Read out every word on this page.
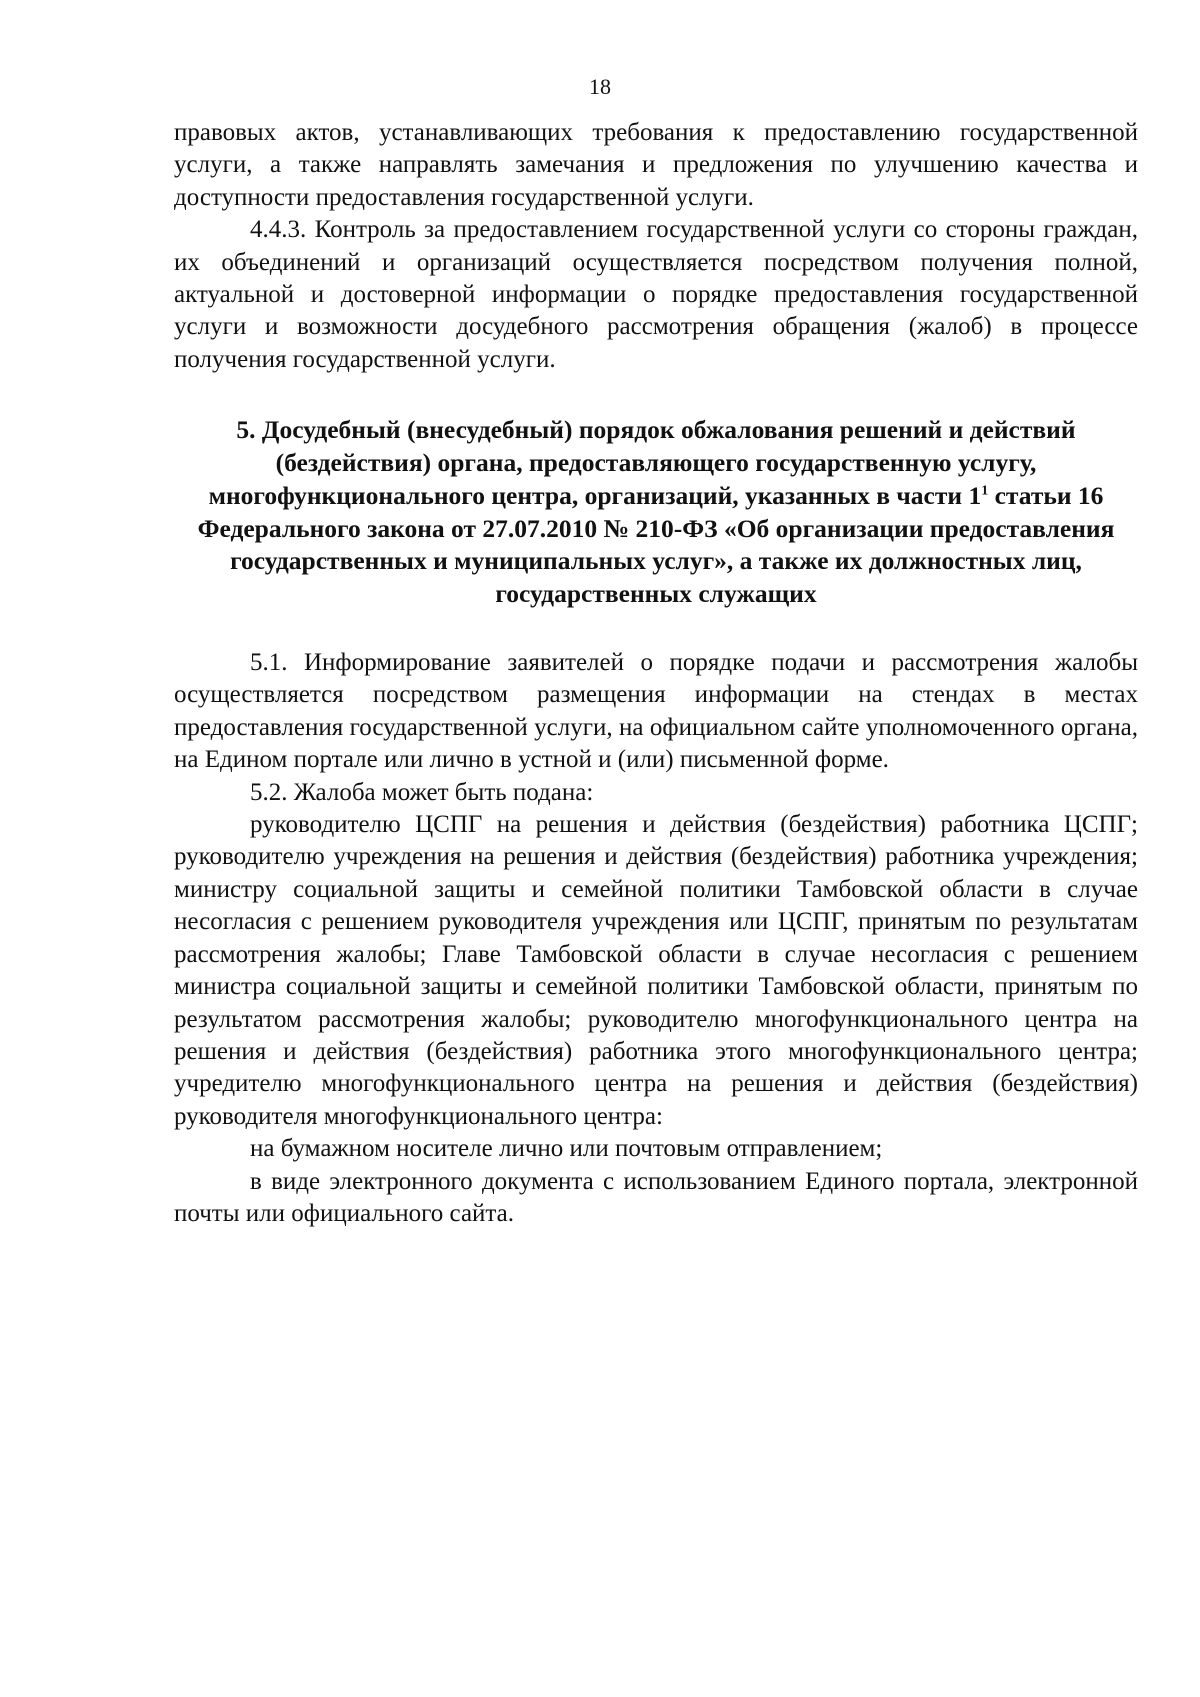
18

правовых актов, устанавливающих требования к предоставлению государственной услуги, а также направлять замечания и предложения по улучшению качества и доступности предоставления государственной услуги.

4.4.3. Контроль за предоставлением государственной услуги со стороны граждан, их объединений и организаций осуществляется посредством получения полной, актуальной и достоверной информации о порядке предоставления государственной услуги и возможности досудебного рассмотрения обращения (жалоб) в процессе получения государственной услуги.

5. Досудебный (внесудебный) порядок обжалования решений и действий (бездействия) органа, предоставляющего государственную услугу, многофункционального центра, организаций, указанных в части $1^1$ статьи 16 Федерального закона от 27.07.2010 № 210-ФЗ «Об организации предоставления государственных и муниципальных услуг», а также их должностных лиц, государственных служащих

5.1. Информирование заявителей о порядке подачи и рассмотрения жалобы осуществляется посредством размещения информации на стендах в местах предоставления государственной услуги, на официальном сайте уполномоченного органа, на Едином портале или лично в устной и (или) письменной форме.

5.2. Жалоба может быть подана:

руководителю ЦСПГ на решения и действия (бездействия) работника ЦСПГ; руководителю учреждения на решения и действия (бездействия) работника учреждения; министру социальной защиты и семейной политики Тамбовской области в случае несогласия с решением руководителя учреждения или ЦСПГ, принятым по результатам рассмотрения жалобы; Главе Тамбовской области в случае несогласия с решением министра социальной защиты и семейной политики Тамбовской области, принятым по результатом рассмотрения жалобы; руководителю многофункционального центра на решения и действия (бездействия) работника этого многофункционального центра; учредителю многофункционального центра на решения и действия (бездействия) руководителя многофункционального центра:

на бумажном носителе лично или почтовым отправлением;

в виде электронного документа с использованием Единого портала, электронной почты или официального сайта.
